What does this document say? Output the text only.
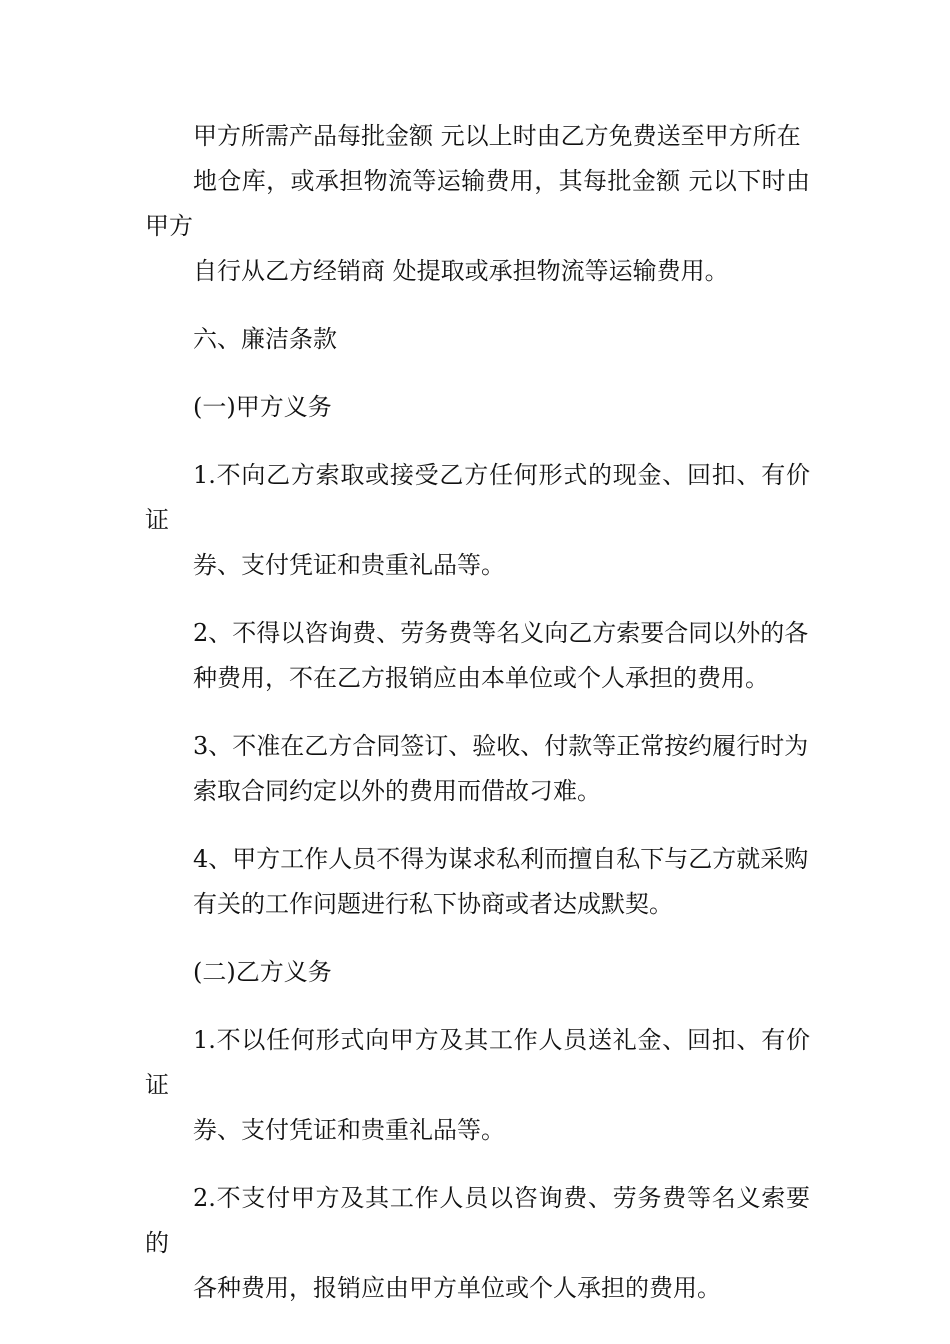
甲方所需产品每批金额 元以上时由乙方免费送至甲方所在
地仓库，或承担物流等运输费用，其每批金额 元以下时由甲方
自行从乙方经销商 处提取或承担物流等运输费用。

六、廉洁条款

(一)甲方义务

1.不向乙方索取或接受乙方任何形式的现金、回扣、有价证
券、支付凭证和贵重礼品等。

2、不得以咨询费、劳务费等名义向乙方索要合同以外的各
种费用，不在乙方报销应由本单位或个人承担的费用。

3、不准在乙方合同签订、验收、付款等正常按约履行时为
索取合同约定以外的费用而借故刁难。

4、甲方工作人员不得为谋求私利而擅自私下与乙方就采购
有关的工作问题进行私下协商或者达成默契。

(二)乙方义务

1.不以任何形式向甲方及其工作人员送礼金、回扣、有价证
券、支付凭证和贵重礼品等。

2.不支付甲方及其工作人员以咨询费、劳务费等名义索要的
各种费用，报销应由甲方单位或个人承担的费用。
